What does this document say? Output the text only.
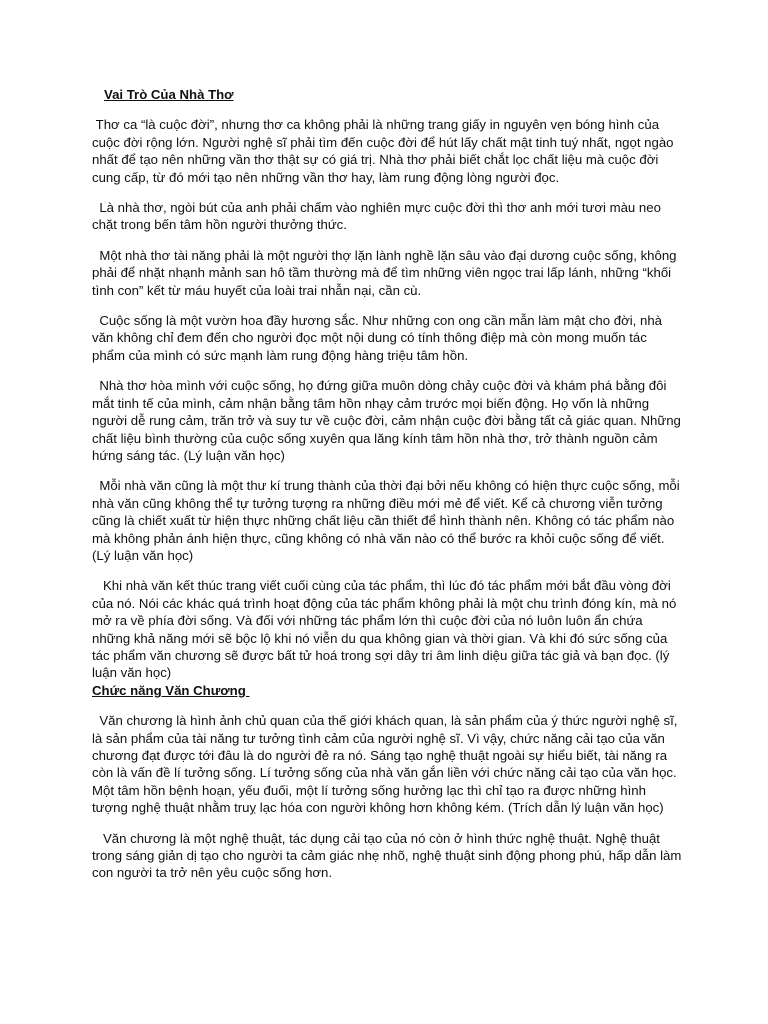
Vai Trò Của Nhà Thơ

Thơ ca “là cuộc đời”, nhưng thơ ca không phải là những trang giấy in nguyên vẹn bóng hình của cuộc đời rộng lớn. Người nghệ sĩ phải tìm đến cuộc đời để hút lấy chất mật tinh tuý nhất, ngọt ngào nhất để tạo nên những vần thơ thật sự có giá trị. Nhà thơ phải biết chắt lọc chất liệu mà cuộc đời cung cấp, từ đó mới tạo nên những vần thơ hay, làm rung động lòng người đọc.

Là nhà thơ, ngòi bút của anh phải chấm vào nghiên mực cuộc đời thì thơ anh mới tươi màu neo chặt trong bến tâm hồn người thưởng thức.

Một nhà thơ tài năng phải là một người thợ lặn lành nghề lặn sâu vào đại dương cuộc sống, không phải để nhặt nhạnh mảnh san hô tầm thường mà để tìm những viên ngọc trai lấp lánh, những “khối tình con” kết từ máu huyết của loài trai nhẫn nại, cần cù.

Cuộc sống là một vườn hoa đầy hương sắc. Như những con ong cần mẫn làm mật cho đời, nhà văn không chỉ đem đến cho người đọc một nội dung có tính thông điệp mà còn mong muốn tác phẩm của mình có sức mạnh làm rung động hàng triệu tâm hồn.

Nhà thơ hòa mình với cuộc sống, họ đứng giữa muôn dòng chảy cuộc đời và khám phá bằng đôi mắt tinh tế của mình, cảm nhận bằng tâm hồn nhạy cảm trước mọi biến động. Họ vốn là những người dễ rung cảm, trăn trở và suy tư về cuộc đời, cảm nhận cuộc đời bằng tất cả giác quan. Những chất liệu bình thường của cuộc sống xuyên qua lăng kính tâm hồn nhà thơ, trở thành nguồn cảm hứng sáng tác. (Lý luận văn học)

Mỗi nhà văn cũng là một thư kí trung thành của thời đại bởi nếu không có hiện thực cuộc sống, mỗi nhà văn cũng không thể tự tưởng tượng ra những điều mới mẻ để viết. Kể cả chương viễn tưởng cũng là chiết xuất từ hiện thực những chất liệu cần thiết để hình thành nên. Không có tác phẩm nào mà không phản ánh hiện thực, cũng không có nhà văn nào có thể bước ra khỏi cuộc sống để viết. (Lý luận văn học)

Khi nhà văn kết thúc trang viết cuối cùng của tác phẩm, thì lúc đó tác phẩm mới bắt đầu vòng đời của nó. Nói các khác quá trình hoạt động của tác phẩm không phải là một chu trình đóng kín, mà nó mở ra về phía đời sống. Và đối với những tác phẩm lớn thì cuộc đời của nó luôn luôn ẩn chứa những khả năng mới sẽ bộc lộ khi nó viễn du qua không gian và thời gian. Và khi đó sức sống của tác phẩm văn chương sẽ được bất tử hoá trong sợi dây tri âm linh diệu giữa tác giả và bạn đọc. (lý luận văn học)

Chức năng Văn Chương

Văn chương là hình ảnh chủ quan của thế giới khách quan, là sản phẩm của ý thức người nghệ sĩ, là sản phẩm của tài năng tư tưởng tình cảm của người nghệ sĩ. Vì vậy, chức năng cải tạo của văn chương đạt được tới đâu là do người đẻ ra nó. Sáng tạo nghệ thuật ngoài sự hiểu biết, tài năng ra còn là vấn đề lí tưởng sống. Lí tưởng sống của nhà văn gắn liền với chức năng cải tạo của văn học. Một tâm hồn bệnh hoạn, yếu đuối, một lí tưởng sống hưởng lạc thì chỉ tạo ra được những hình tượng nghệ thuật nhằm truỵ lạc hóa con người không hơn không kém. (Trích dẫn lý luận văn học)

Văn chương là một nghệ thuật, tác dụng cải tạo của nó còn ở hình thức nghệ thuật. Nghệ thuật trong sáng giản dị tạo cho người ta cảm giác nhẹ nhõ, nghệ thuật sinh động phong phú, hấp dẫn làm con người ta trở nên yêu cuộc sống hơn.
